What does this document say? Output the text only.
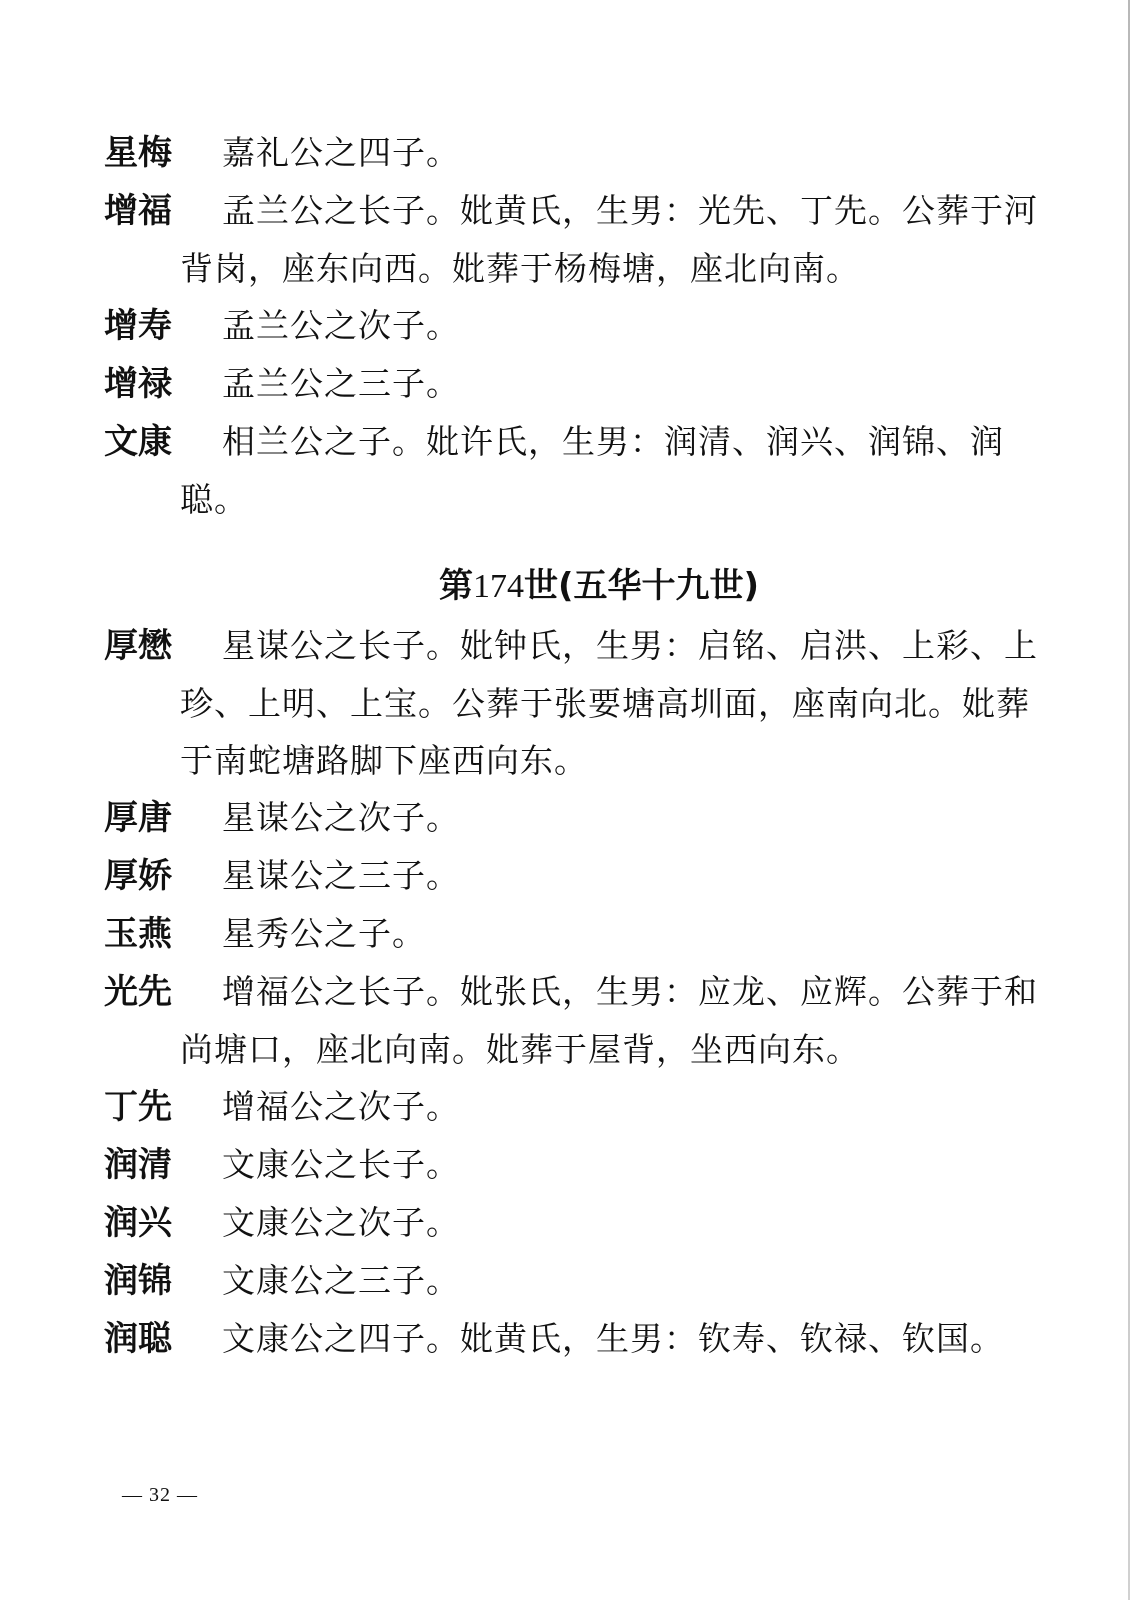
星梅 嘉礼公之四子。

增福 孟兰公之长子。妣黄氏，生男：光先、丁先。公葬于河背岗，座东向西。妣葬于杨梅塘，座北向南。

增寿 孟兰公之次子。

增禄 孟兰公之三子。

文康 相兰公之子。妣许氏，生男：润清、润兴、润锦、润聪。

第174世(五华十九世)

厚懋 星谋公之长子。妣钟氏，生男：启铭、启洪、上彩、上珍、上明、上宝。公葬于张要塘高圳面，座南向北。妣葬于南蛇塘路脚下座西向东。

厚唐 星谋公之次子。

厚娇 星谋公之三子。

玉燕 星秀公之子。

光先 增福公之长子。妣张氏，生男：应龙、应辉。公葬于和尚塘口，座北向南。妣葬于屋背，坐西向东。

丁先 增福公之次子。

润清 文康公之长子。

润兴 文康公之次子。

润锦 文康公之三子。

润聪 文康公之四子。妣黄氏，生男：钦寿、钦禄、钦国。

— 32 —
